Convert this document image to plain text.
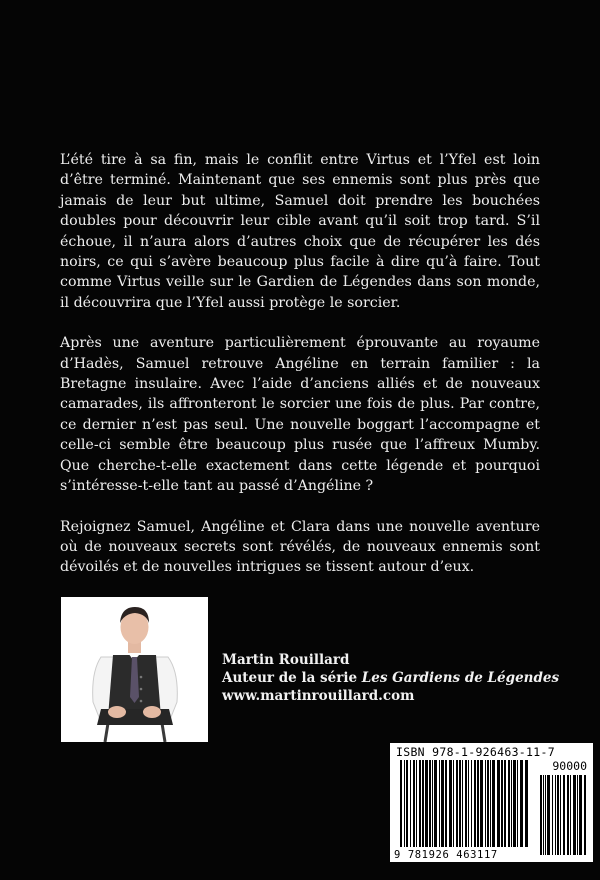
L’été tire à sa fin, mais le conflit entre Virtus et l’Yfel est loin d’être terminé. Maintenant que ses ennemis sont plus près que jamais de leur but ultime, Samuel doit prendre les bouchées doubles pour découvrir leur cible avant qu’il soit trop tard. S’il échoue, il n’aura alors d’autres choix que de récupérer les dés noirs, ce qui s’avère beaucoup plus facile à dire qu’à faire. Tout comme Virtus veille sur le Gardien de Légendes dans son monde, il découvrira que l’Yfel aussi protège le sorcier.

Après une aventure particulièrement éprouvante au royaume d’Hadès, Samuel retrouve Angéline en terrain familier : la Bretagne insulaire. Avec l’aide d’anciens alliés et de nouveaux camarades, ils affronteront le sorcier une fois de plus. Par contre, ce dernier n’est pas seul. Une nouvelle boggart l’accompagne et celle-ci semble être beaucoup plus rusée que l’affreux Mumby. Que cherche-t-elle exactement dans cette légende et pourquoi s’intéresse-t-elle tant au passé d’Angéline ?

Rejoignez Samuel, Angéline et Clara dans une nouvelle aventure où de nouveaux secrets sont révélés, de nouveaux ennemis sont dévoilés et de nouvelles intrigues se tissent autour d’eux.

Martin Rouillard
Auteur de la série Les Gardiens de Légendes
www.martinrouillard.com
ISBN 978-1-926463-11-7
90000
9 781926 463117
